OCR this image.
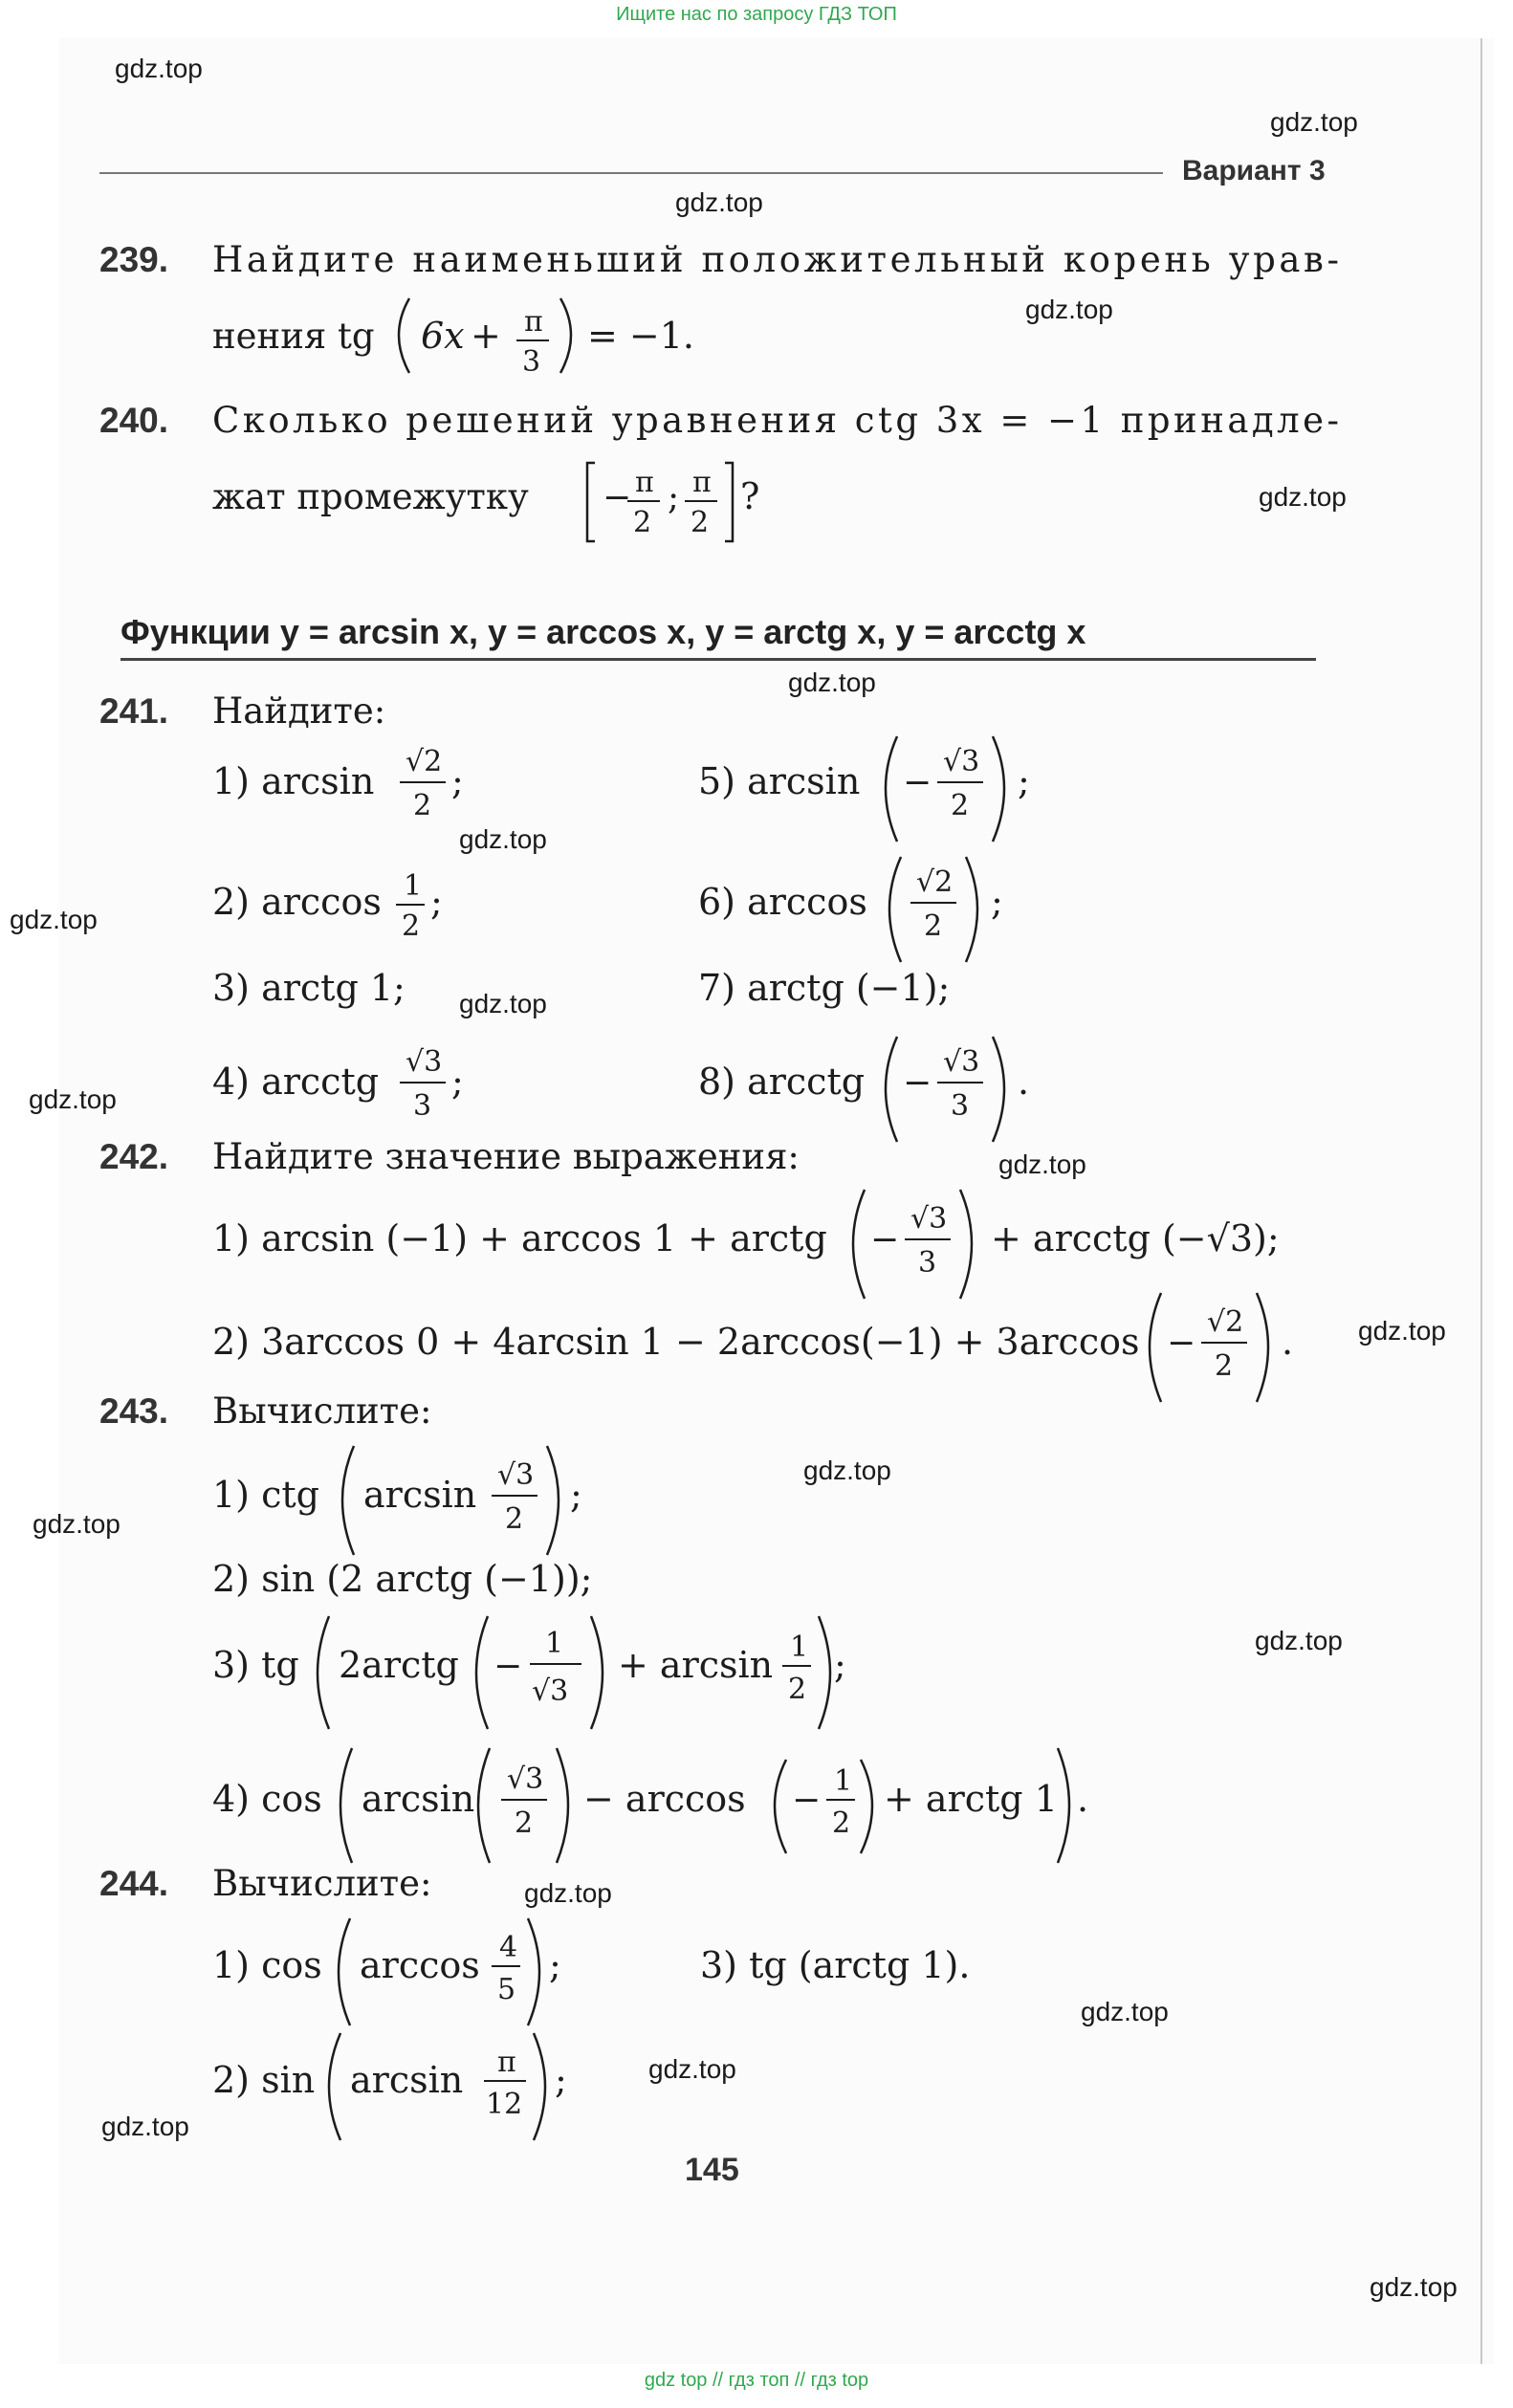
Ищите нас по запросу ГДЗ ТОП
Вариант 3
239. Найдите наименьший положительный корень урав-
нения tg 6x + π
3
= −1.
240. Сколько решений уравнения ctg 3x = −1 принадле-
жат промежутку − π
2
; π
2
?
Функции y = arcsin x, y = arccos x, y = arctg x, y = arcctg x
241. Найдите:
1) arcsin √2
2
;
2) arccos 1
2
;
3) arctg 1;
4) arcctg √3
3
;
5) arcsin −
√3
2
;
6) arccos √2
2
;
7) arctg (−1);
8) arcctg −
√3
3
.
242. Найдите значение выражения:
1) arcsin (−1) + arccos 1 + arctg −
√3
3
+ arcctg (−√3);
2) 3arccos 0 + 4arcsin 1 − 2arccos(−1) + 3arccos −
√2
2
.
243. Вычислите:
1) ctg arcsin √3
2
;
2) sin (2 arctg (−1));
3) tg 2arctg −
1
√3
+ arcsin 1
2
;
4) cos arcsin √3
2
− arccos − 1
2
+ arctg 1 .
244. Вычислите:
1) cos arccos 4
5
;	3) tg (arctg 1).
2) sin arcsin π
12
;
145
gdz.top
gdz.top
gdz.top
gdz.top
gdz.top
gdz.top
gdz.top
gdz.top
gdz.top
gdz.top
gdz.top
gdz.top
gdz.top
gdz.top
gdz.top
gdz.top
gdz.top
gdz.top
gdz.top
gdz.top
gdz top // гдз топ // гдз top
